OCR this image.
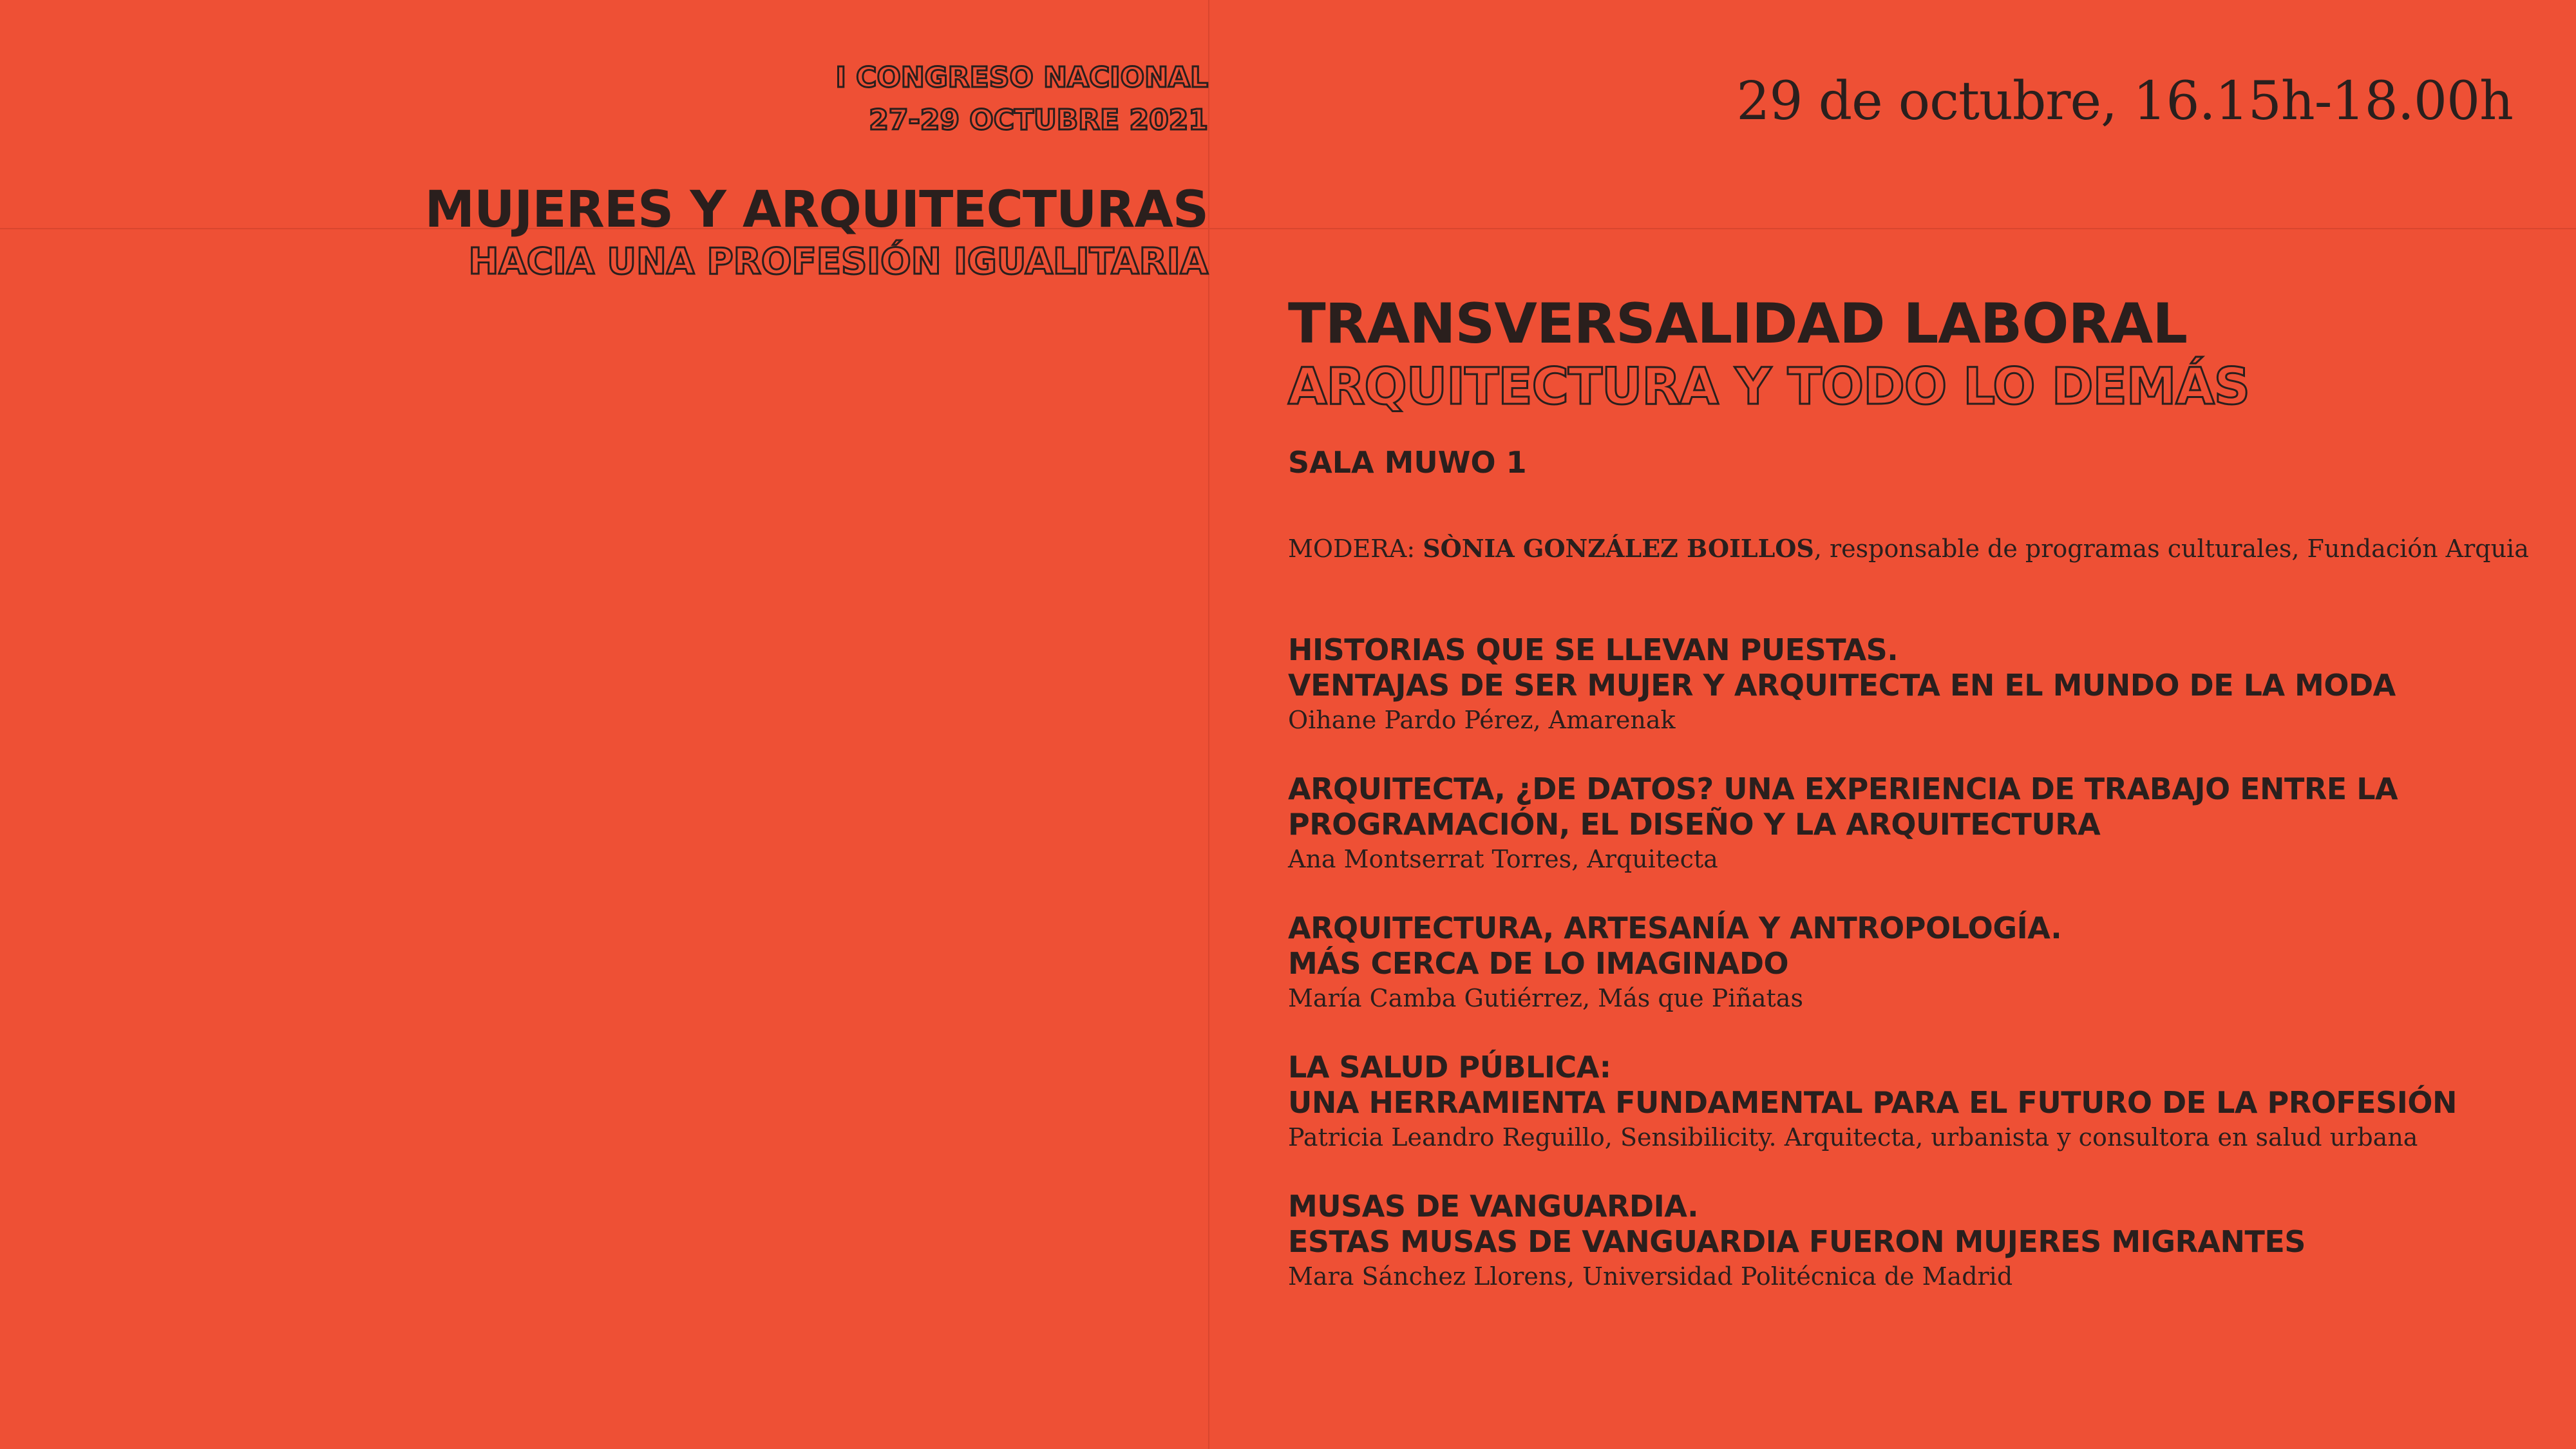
I CONGRESO NACIONAL
27-29 OCTUBRE 2021
MUJERES Y ARQUITECTURAS
HACIA UNA PROFESIÓN IGUALITARIA
29 de octubre, 16.15h-18.00h
TRANSVERSALIDAD LABORAL
ARQUITECTURA Y TODO LO DEMÁS
SALA MUWO 1
MODERA: SÒNIA GONZÁLEZ BOILLOS, responsable de programas culturales, Fundación Arquia
HISTORIAS QUE SE LLEVAN PUESTAS.
VENTAJAS DE SER MUJER Y ARQUITECTA EN EL MUNDO DE LA MODA
Oihane Pardo Pérez, Amarenak
ARQUITECTA, ¿DE DATOS? UNA EXPERIENCIA DE TRABAJO ENTRE LA
PROGRAMACIÓN, EL DISEÑO Y LA ARQUITECTURA
Ana Montserrat Torres, Arquitecta
ARQUITECTURA, ARTESANÍA Y ANTROPOLOGÍA.
MÁS CERCA DE LO IMAGINADO
María Camba Gutiérrez, Más que Piñatas
LA SALUD PÚBLICA:
UNA HERRAMIENTA FUNDAMENTAL PARA EL FUTURO DE LA PROFESIÓN
Patricia Leandro Reguillo, Sensibilicity. Arquitecta, urbanista y consultora en salud urbana
MUSAS DE VANGUARDIA.
ESTAS MUSAS DE VANGUARDIA FUERON MUJERES MIGRANTES
Mara Sánchez Llorens, Universidad Politécnica de Madrid
